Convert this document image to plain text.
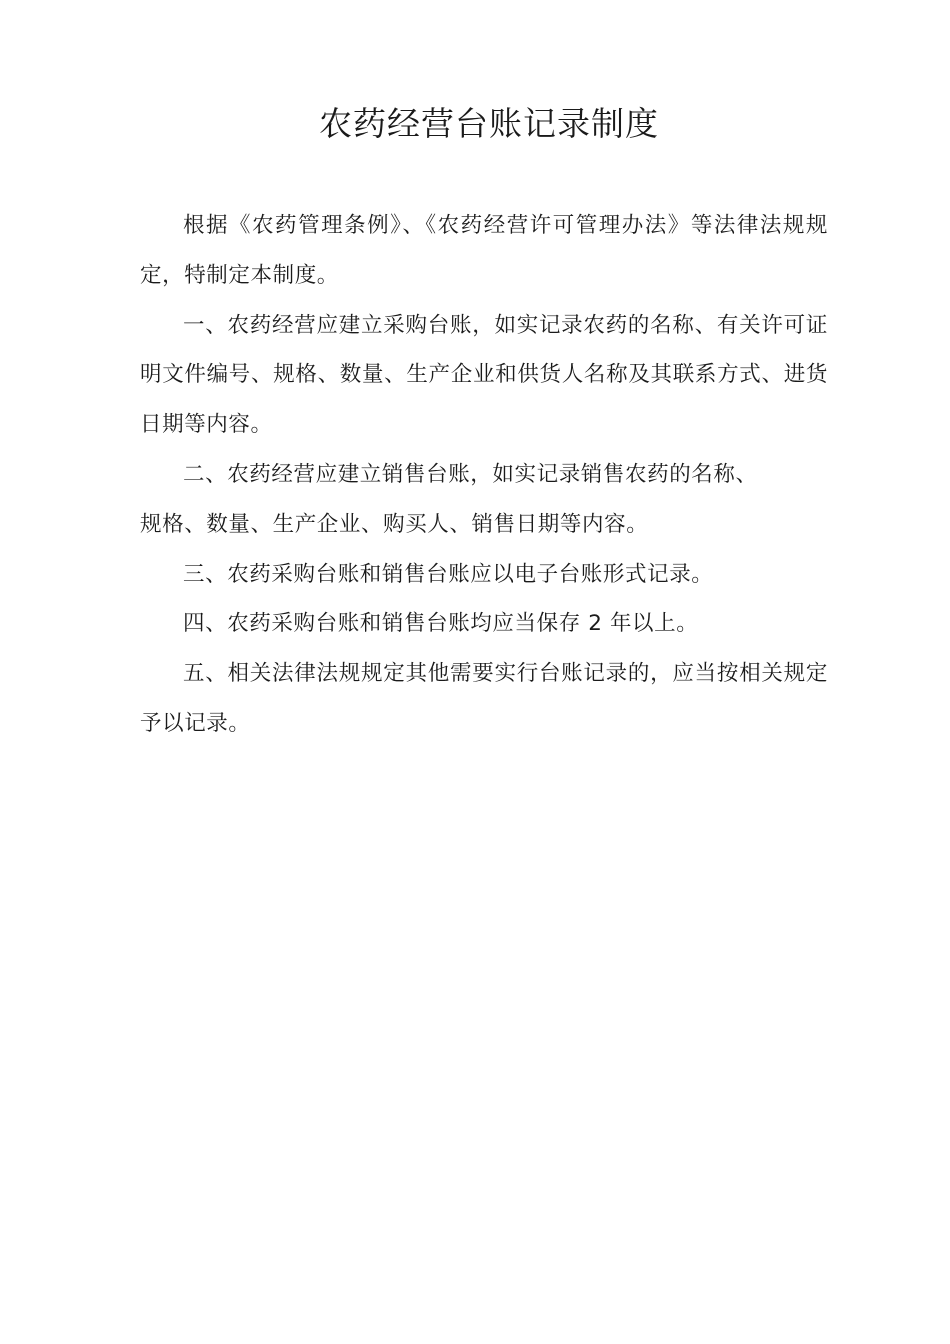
农药经营台账记录制度

根据《农药管理条例》、《农药经营许可管理办法》等法律法规规定，特制定本制度。

一、农药经营应建立采购台账，如实记录农药的名称、有关许可证明文件编号、规格、数量、生产企业和供货人名称及其联系方式、进货日期等内容。

二、农药经营应建立销售台账，如实记录销售农药的名称、规格、数量、生产企业、购买人、销售日期等内容。

三、农药采购台账和销售台账应以电子台账形式记录。

四、农药采购台账和销售台账均应当保存 2 年以上。

五、相关法律法规规定其他需要实行台账记录的，应当按相关规定予以记录。
